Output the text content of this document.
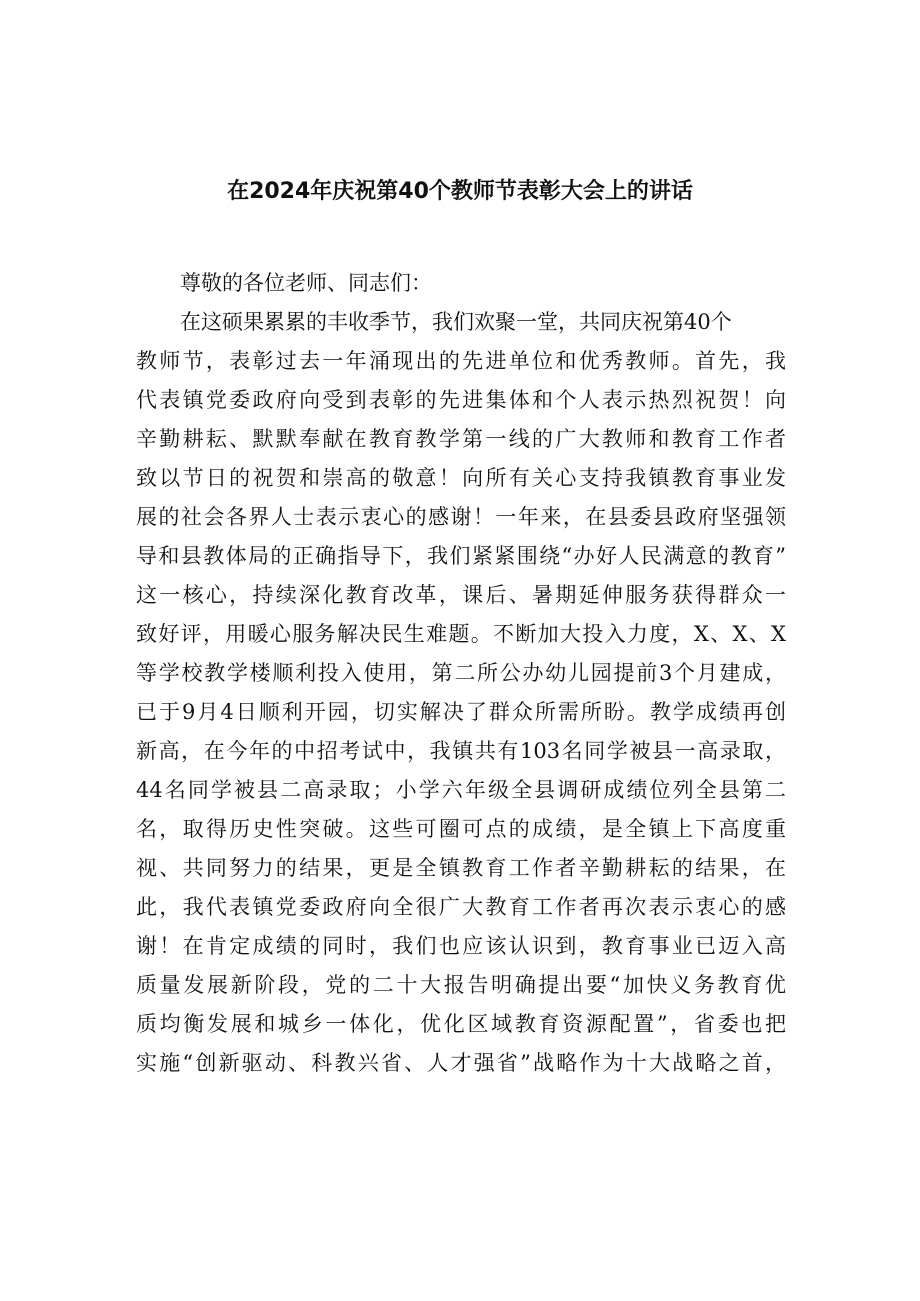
在2024年庆祝第40个教师节表彰大会上的讲话
尊敬的各位老师、同志们：
在这硕果累累的丰收季节，我们欢聚一堂，共同庆祝第40个
教师节，表彰过去一年涌现出的先进单位和优秀教师。首先，我
代表镇党委政府向受到表彰的先进集体和个人表示热烈祝贺！向
辛勤耕耘、默默奉献在教育教学第一线的广大教师和教育工作者
致以节日的祝贺和崇高的敬意！向所有关心支持我镇教育事业发
展的社会各界人士表示衷心的感谢！一年来，在县委县政府坚强领
导和县教体局的正确指导下，我们紧紧围绕“办好人民满意的教育”
这一核心，持续深化教育改革，课后、暑期延伸服务获得群众一
致好评，用暖心服务解决民生难题。不断加大投入力度，X、X、X
等学校教学楼顺利投入使用，第二所公办幼儿园提前3个月建成，
已于9月4日顺利开园，切实解决了群众所需所盼。教学成绩再创
新高，在今年的中招考试中，我镇共有103名同学被县一高录取，
44名同学被县二高录取；小学六年级全县调研成绩位列全县第二
名，取得历史性突破。这些可圈可点的成绩，是全镇上下高度重
视、共同努力的结果，更是全镇教育工作者辛勤耕耘的结果，在
此，我代表镇党委政府向全很广大教育工作者再次表示衷心的感
谢！在肯定成绩的同时，我们也应该认识到，教育事业已迈入高
质量发展新阶段，党的二十大报告明确提出要“加快义务教育优
质均衡发展和城乡一体化，优化区域教育资源配置”，省委也把
实施“创新驱动、科教兴省、人才强省”战略作为十大战略之首，
